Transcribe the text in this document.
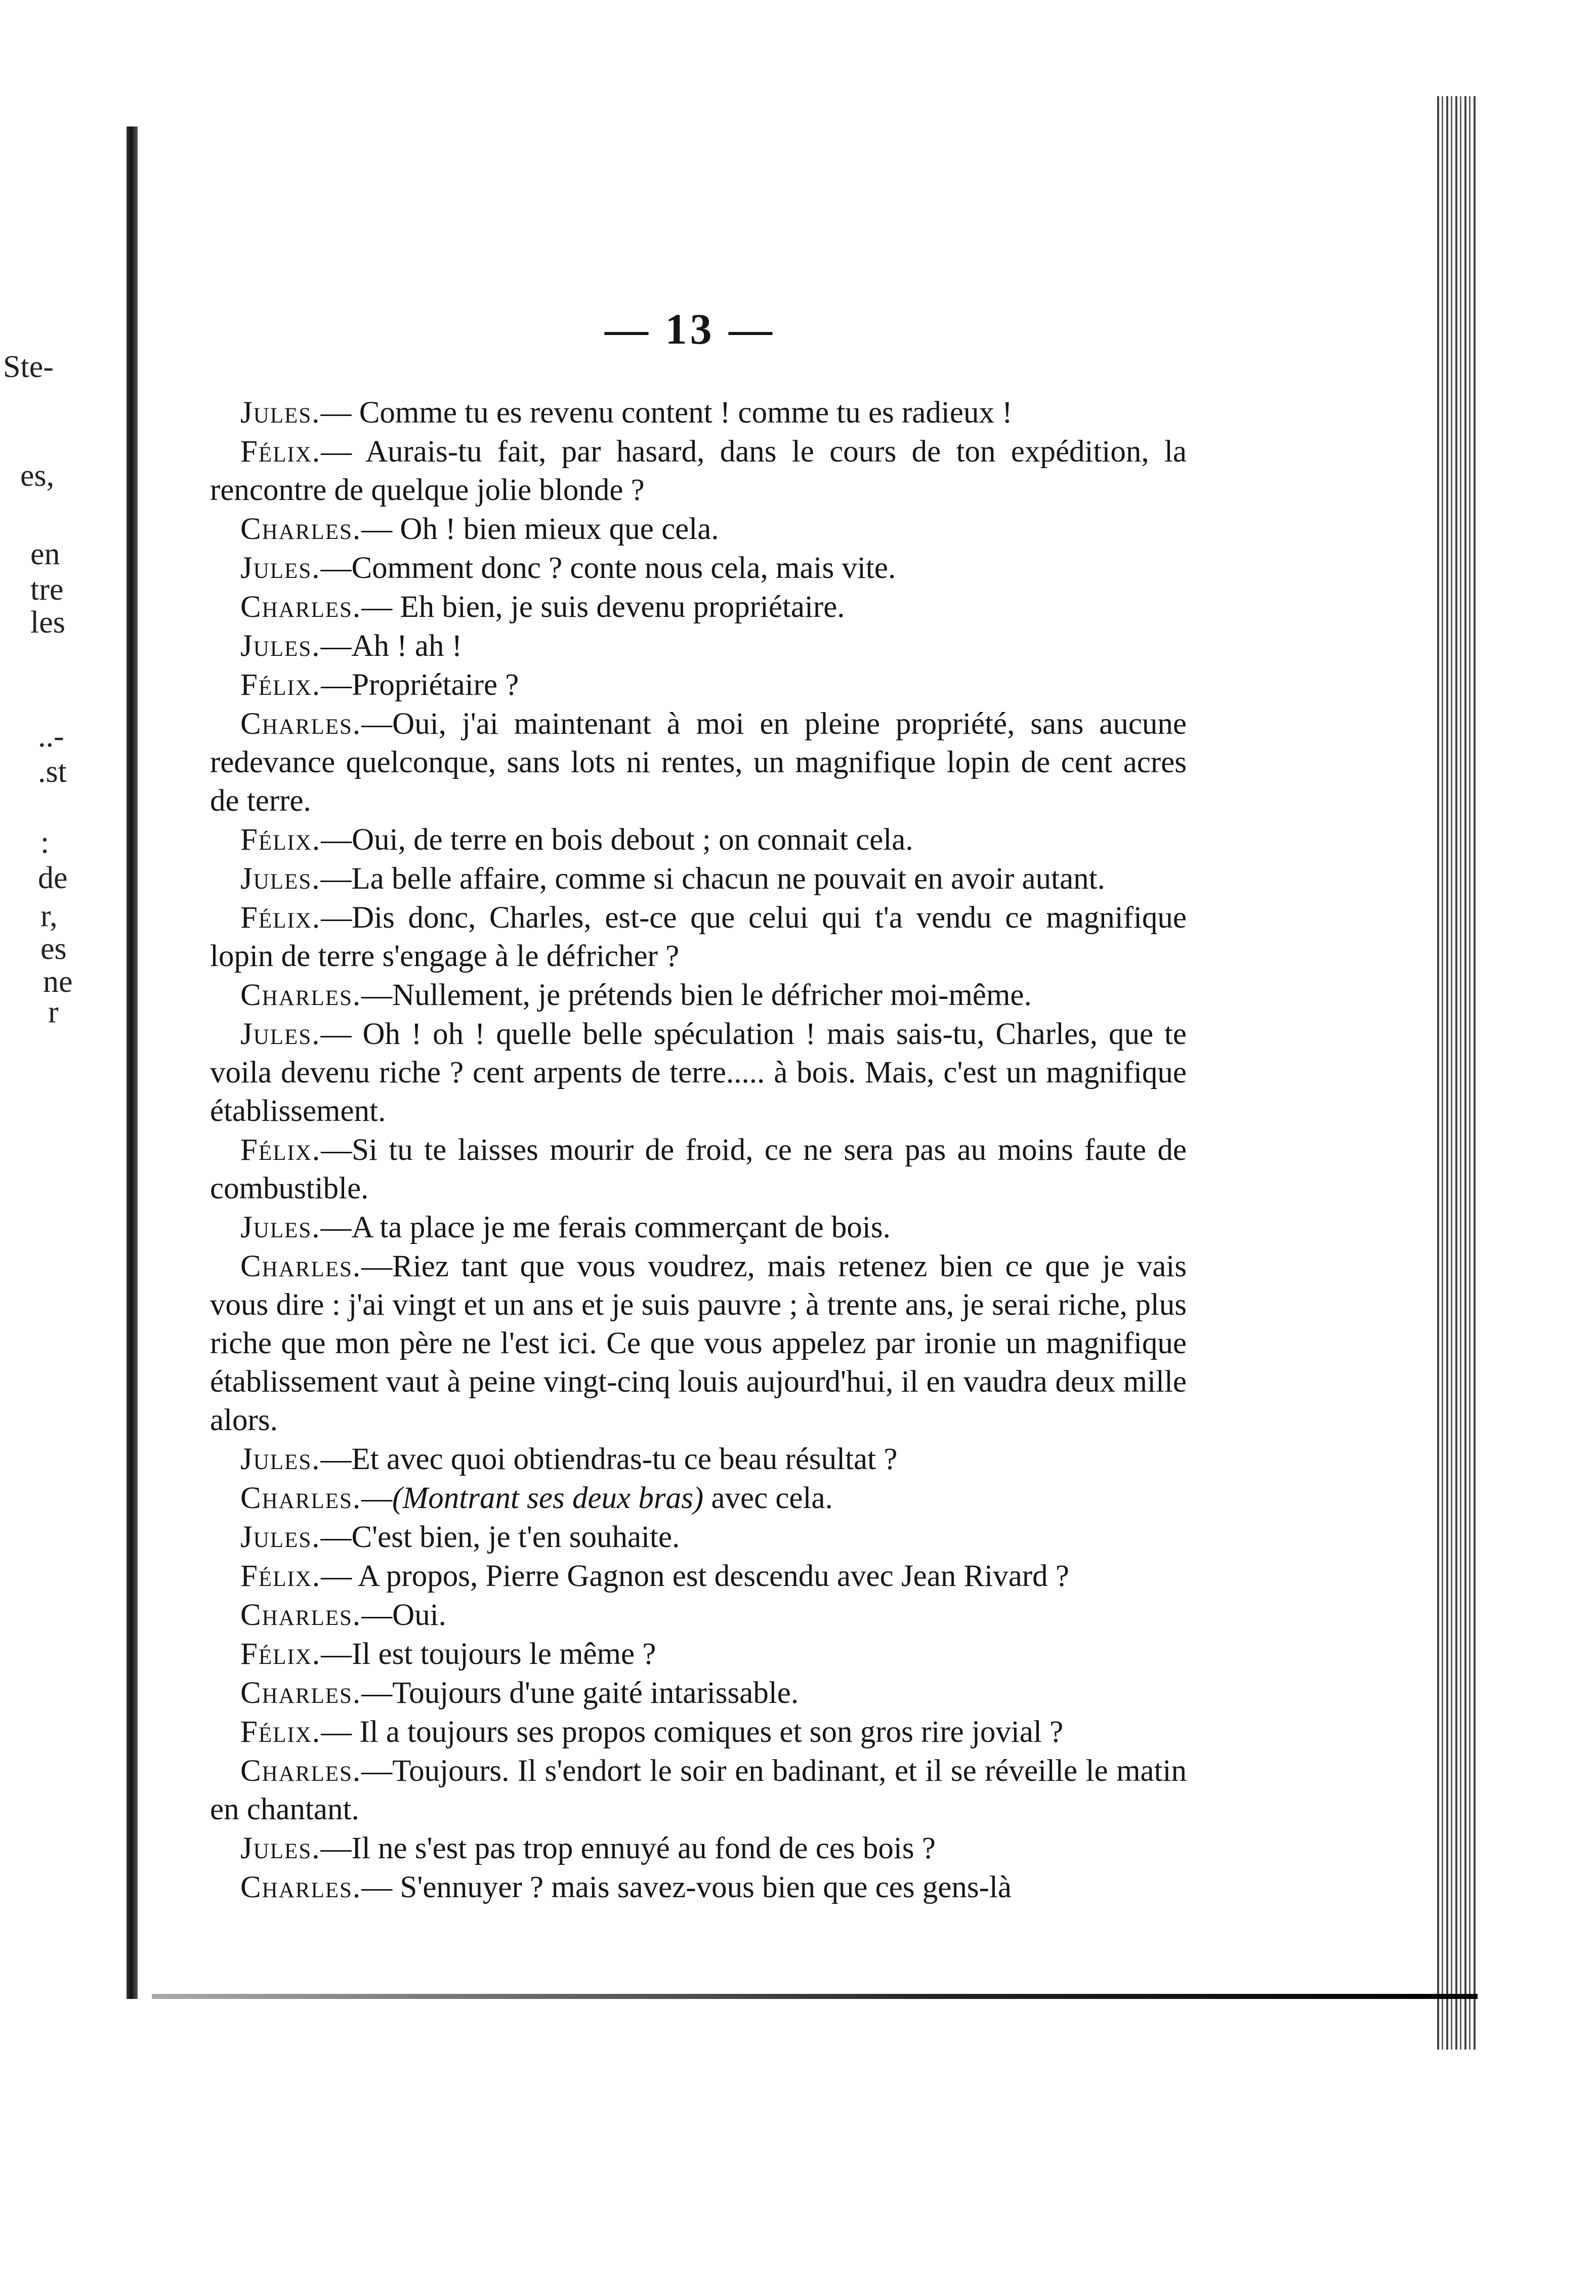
Ste-
es,
en
tre
les
..-
.st
:
de
r,
es
ne
r
— 13 —

Jules.— Comme tu es revenu content ! comme tu es radieux !

Félix.— Aurais-tu fait, par hasard, dans le cours de ton expédition, la rencontre de quelque jolie blonde ?

Charles.— Oh ! bien mieux que cela.

Jules.—Comment donc ? conte nous cela, mais vite.

Charles.— Eh bien, je suis devenu propriétaire.

Jules.—Ah ! ah !

Félix.—Propriétaire ?

Charles.—Oui, j'ai maintenant à moi en pleine propriété, sans aucune redevance quelconque, sans lots ni rentes, un magnifique lopin de cent acres de terre.

Félix.—Oui, de terre en bois debout ; on connait cela.

Jules.—La belle affaire, comme si chacun ne pouvait en avoir autant.

Félix.—Dis donc, Charles, est-ce que celui qui t'a vendu ce magnifique lopin de terre s'engage à le défricher ?

Charles.—Nullement, je prétends bien le défricher moi-même.

Jules.— Oh ! oh ! quelle belle spéculation ! mais sais-tu, Charles, que te voila devenu riche ? cent arpents de terre..... à bois. Mais, c'est un magnifique établissement.

Félix.—Si tu te laisses mourir de froid, ce ne sera pas au moins faute de combustible.

Jules.—A ta place je me ferais commerçant de bois.

Charles.—Riez tant que vous voudrez, mais retenez bien ce que je vais vous dire : j'ai vingt et un ans et je suis pauvre ; à trente ans, je serai riche, plus riche que mon père ne l'est ici. Ce que vous appelez par ironie un magnifique établissement vaut à peine vingt-cinq louis aujourd'hui, il en vaudra deux mille alors.

Jules.—Et avec quoi obtiendras-tu ce beau résultat ?

Charles.—(Montrant ses deux bras) avec cela.

Jules.—C'est bien, je t'en souhaite.

Félix.— A propos, Pierre Gagnon est descendu avec Jean Rivard ?

Charles.—Oui.

Félix.—Il est toujours le même ?

Charles.—Toujours d'une gaité intarissable.

Félix.— Il a toujours ses propos comiques et son gros rire jovial ?

Charles.—Toujours. Il s'endort le soir en badinant, et il se réveille le matin en chantant.

Jules.—Il ne s'est pas trop ennuyé au fond de ces bois ?

Charles.— S'ennuyer ? mais savez-vous bien que ces gens-là
